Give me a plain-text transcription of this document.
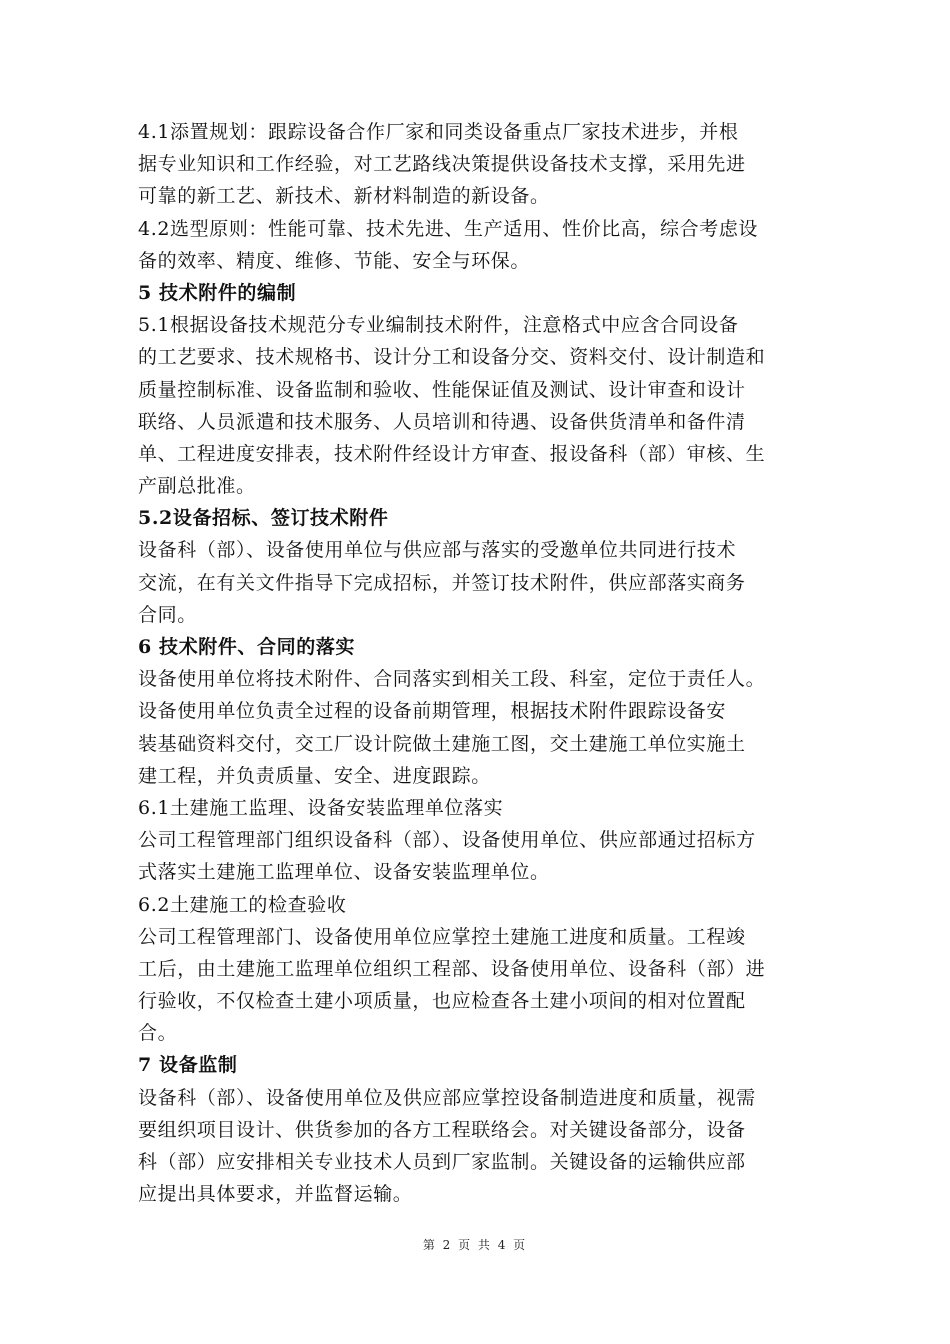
4.1添置规划：跟踪设备合作厂家和同类设备重点厂家技术进步，并根
据专业知识和工作经验，对工艺路线决策提供设备技术支撑，采用先进
可靠的新工艺、新技术、新材料制造的新设备。
4.2选型原则：性能可靠、技术先进、生产适用、性价比高，综合考虑设
备的效率、精度、维修、节能、安全与环保。
5 技术附件的编制
5.1根据设备技术规范分专业编制技术附件，注意格式中应含合同设备
的工艺要求、技术规格书、设计分工和设备分交、资料交付、设计制造和
质量控制标准、设备监制和验收、性能保证值及测试、设计审查和设计
联络、人员派遣和技术服务、人员培训和待遇、设备供货清单和备件清
单、工程进度安排表，技术附件经设计方审查、报设备科（部）审核、生
产副总批准。
5.2设备招标、签订技术附件
设备科（部）、设备使用单位与供应部与落实的受邀单位共同进行技术
交流，在有关文件指导下完成招标，并签订技术附件，供应部落实商务
合同。
6 技术附件、合同的落实
设备使用单位将技术附件、合同落实到相关工段、科室，定位于责任人。
设备使用单位负责全过程的设备前期管理，根据技术附件跟踪设备安
装基础资料交付，交工厂设计院做土建施工图，交土建施工单位实施土
建工程，并负责质量、安全、进度跟踪。
6.1土建施工监理、设备安装监理单位落实
公司工程管理部门组织设备科（部）、设备使用单位、供应部通过招标方
式落实土建施工监理单位、设备安装监理单位。
6.2土建施工的检查验收
公司工程管理部门、设备使用单位应掌控土建施工进度和质量。工程竣
工后，由土建施工监理单位组织工程部、设备使用单位、设备科（部）进
行验收，不仅检查土建小项质量，也应检查各土建小项间的相对位置配
合。
7 设备监制
设备科（部）、设备使用单位及供应部应掌控设备制造进度和质量，视需
要组织项目设计、供货参加的各方工程联络会。对关键设备部分，设备
科（部）应安排相关专业技术人员到厂家监制。关键设备的运输供应部
应提出具体要求，并监督运输。
第 2 页 共 4 页
